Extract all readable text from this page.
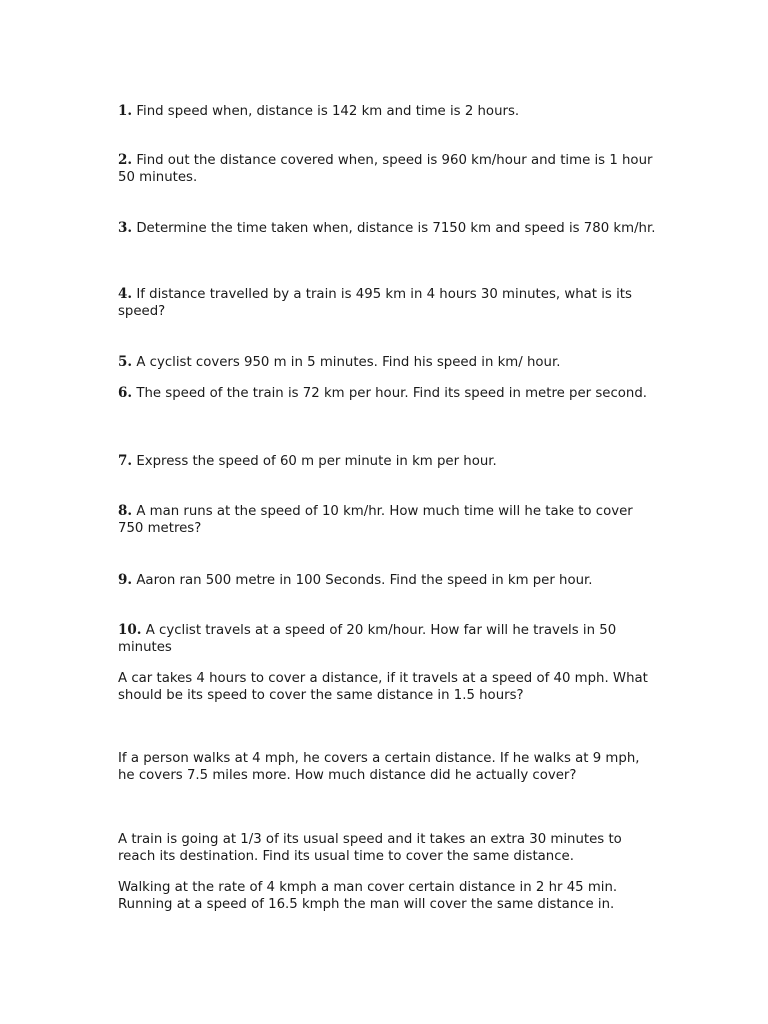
1. Find speed when, distance is 142 km and time is 2 hours.

2. Find out the distance covered when, speed is 960 km/hour and time is 1 hour 50 minutes.

3. Determine the time taken when, distance is 7150 km and speed is 780 km/hr.

4. If distance travelled by a train is 495 km in 4 hours 30 minutes, what is its speed?

5. A cyclist covers 950 m in 5 minutes. Find his speed in km/ hour.

6. The speed of the train is 72 km per hour. Find its speed in metre per second.

7. Express the speed of 60 m per minute in km per hour.

8. A man runs at the speed of 10 km/hr. How much time will he take to cover 750 metres?

9. Aaron ran 500 metre in 100 Seconds. Find the speed in km per hour.

10. A cyclist travels at a speed of 20 km/hour. How far will he travels in 50 minutes

A car takes 4 hours to cover a distance, if it travels at a speed of 40 mph. What should be its speed to cover the same distance in 1.5 hours?

If a person walks at 4 mph, he covers a certain distance. If he walks at 9 mph, he covers 7.5 miles more. How much distance did he actually cover?

A train is going at 1/3 of its usual speed and it takes an extra 30 minutes to reach its destination. Find its usual time to cover the same distance.

Walking at the rate of 4 kmph a man cover certain distance in 2 hr 45 min. Running at a speed of 16.5 kmph the man will cover the same distance in.
